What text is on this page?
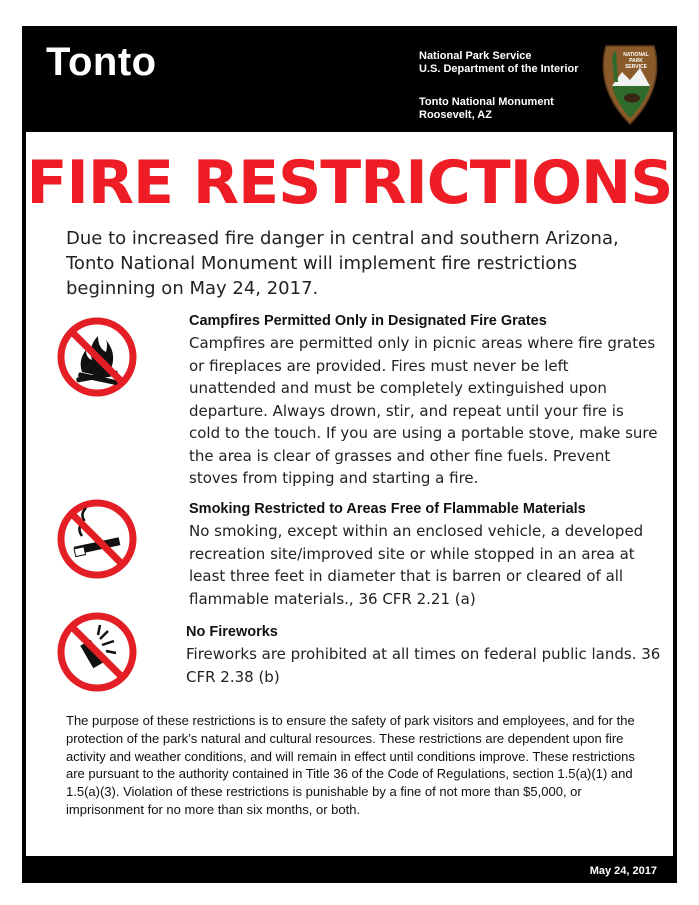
Tonto	National Park Service
U.S. Department of the Interior
Tonto National Monument
Roosevelt, AZ
NATIONAL
PARK
SERVICE
FIRE RESTRICTIONS
Due to increased fire danger in central and southern Arizona, Tonto National Monument will implement fire restrictions beginning on May 24, 2017.
Campfires Permitted Only in Designated Fire Grates
Campfires are permitted only in picnic areas where fire grates or fireplaces are provided. Fires must never be left unattended and must be completely extinguished upon departure. Always drown, stir, and repeat until your fire is cold to the touch. If you are using a portable stove, make sure the area is clear of grasses and other fine fuels. Prevent stoves from tipping and starting a fire.
Smoking Restricted to Areas Free of Flammable Materials
No smoking, except within an enclosed vehicle, a developed recreation site/improved site or while stopped in an area at least three feet in diameter that is barren or cleared of all flammable materials., 36 CFR 2.21 (a)
No Fireworks
Fireworks are prohibited at all times on federal public lands. 36 CFR 2.38 (b)
The purpose of these restrictions is to ensure the safety of park visitors and employees, and for the protection of the park’s natural and cultural resources. These restrictions are dependent upon fire activity and weather conditions, and will remain in effect until conditions improve. These restrictions are pursuant to the authority contained in Title 36 of the Code of Regulations, section 1.5(a)(1) and 1.5(a)(3). Violation of these restrictions is punishable by a fine of not more than $5,000, or imprisonment for no more than six months, or both.
May 24, 2017
